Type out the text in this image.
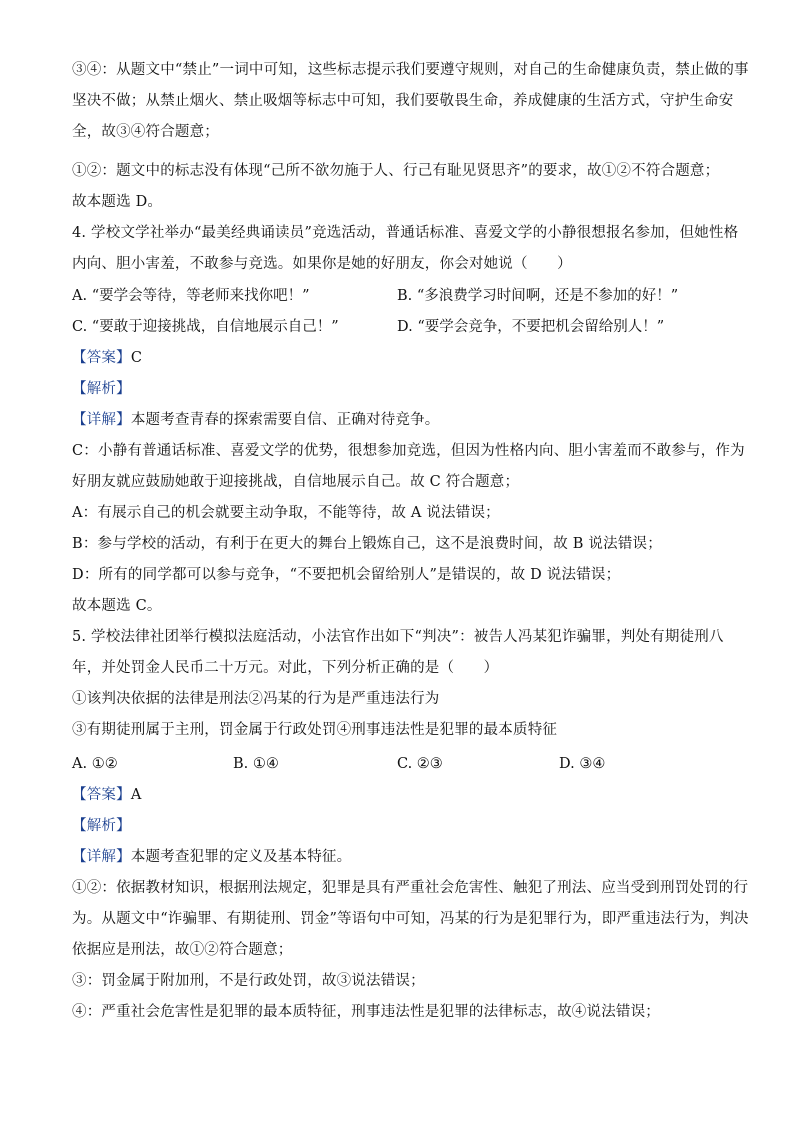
③④：从题文中“禁止”一词中可知，这些标志提示我们要遵守规则，对自己的生命健康负责，禁止做的事
坚决不做；从禁止烟火、禁止吸烟等标志中可知，我们要敬畏生命，养成健康的生活方式，守护生命安
全，故③④符合题意；
①②：题文中的标志没有体现“己所不欲勿施于人、行己有耻见贤思齐”的要求，故①②不符合题意；
故本题选 D。
4. 学校文学社举办“最美经典诵读员”竞选活动，普通话标准、喜爱文学的小静很想报名参加，但她性格
内向、胆小害羞，不敢参与竞选。如果你是她的好朋友，你会对她说（　　）
A. “要学会等待，等老师来找你吧！”	B. “多浪费学习时间啊，还是不参加的好！”
C. “要敢于迎接挑战，自信地展示自己！”	D. “要学会竞争，不要把机会留给别人！”
【答案】C
【解析】
【详解】本题考查青春的探索需要自信、正确对待竞争。
C：小静有普通话标准、喜爱文学的优势，很想参加竞选，但因为性格内向、胆小害羞而不敢参与，作为
好朋友就应鼓励她敢于迎接挑战，自信地展示自己。故 C 符合题意；
A：有展示自己的机会就要主动争取，不能等待，故 A 说法错误；
B：参与学校的活动，有利于在更大的舞台上锻炼自己，这不是浪费时间，故 B 说法错误；
D：所有的同学都可以参与竞争，“不要把机会留给别人”是错误的，故 D 说法错误；
故本题选 C。
5. 学校法律社团举行模拟法庭活动，小法官作出如下“判决”：被告人冯某犯诈骗罪，判处有期徒刑八
年，并处罚金人民币二十万元。对此，下列分析正确的是（　　）
①该判决依据的法律是刑法②冯某的行为是严重违法行为
③有期徒刑属于主刑，罚金属于行政处罚④刑事违法性是犯罪的最本质特征
A. ①②	B. ①④	C. ②③	D. ③④
【答案】A
【解析】
【详解】本题考查犯罪的定义及基本特征。
①②：依据教材知识，根据刑法规定，犯罪是具有严重社会危害性、触犯了刑法、应当受到刑罚处罚的行
为。从题文中“诈骗罪、有期徒刑、罚金”等语句中可知，冯某的行为是犯罪行为，即严重违法行为，判决
依据应是刑法，故①②符合题意；
③：罚金属于附加刑，不是行政处罚，故③说法错误；
④：严重社会危害性是犯罪的最本质特征，刑事违法性是犯罪的法律标志，故④说法错误；
